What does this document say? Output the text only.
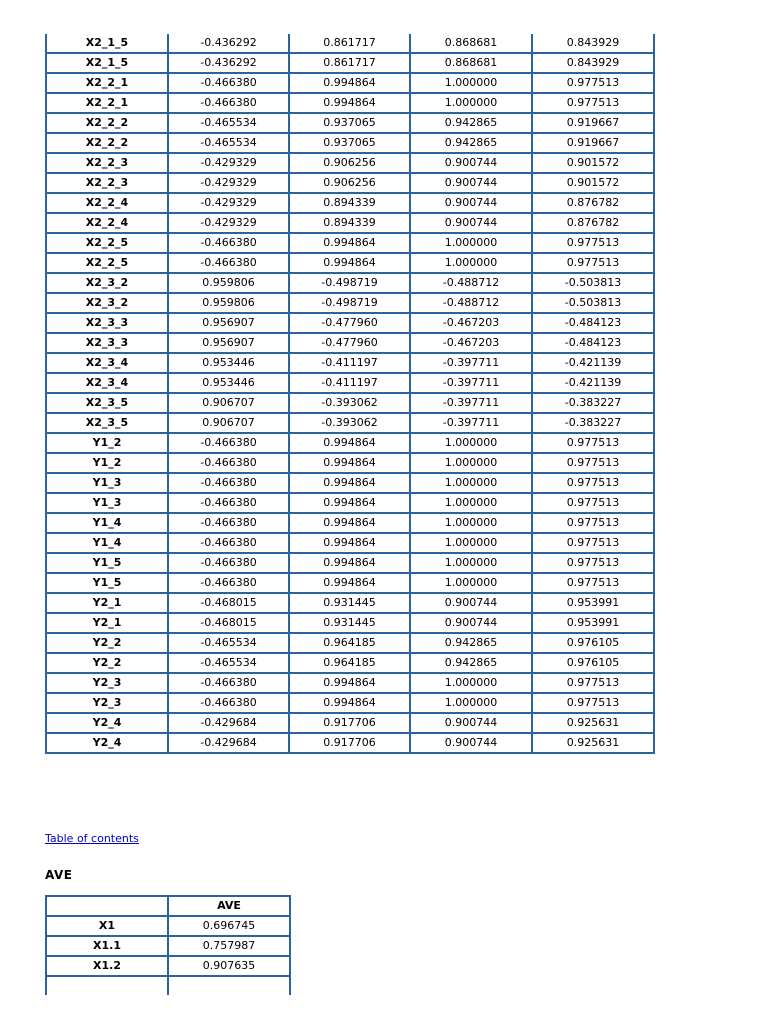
X2_1_5	-0.436292	0.861717	0.868681	0.843929
X2_1_5	-0.436292	0.861717	0.868681	0.843929
X2_2_1	-0.466380	0.994864	1.000000	0.977513
X2_2_1	-0.466380	0.994864	1.000000	0.977513
X2_2_2	-0.465534	0.937065	0.942865	0.919667
X2_2_2	-0.465534	0.937065	0.942865	0.919667
X2_2_3	-0.429329	0.906256	0.900744	0.901572
X2_2_3	-0.429329	0.906256	0.900744	0.901572
X2_2_4	-0.429329	0.894339	0.900744	0.876782
X2_2_4	-0.429329	0.894339	0.900744	0.876782
X2_2_5	-0.466380	0.994864	1.000000	0.977513
X2_2_5	-0.466380	0.994864	1.000000	0.977513
X2_3_2	0.959806	-0.498719	-0.488712	-0.503813
X2_3_2	0.959806	-0.498719	-0.488712	-0.503813
X2_3_3	0.956907	-0.477960	-0.467203	-0.484123
X2_3_3	0.956907	-0.477960	-0.467203	-0.484123
X2_3_4	0.953446	-0.411197	-0.397711	-0.421139
X2_3_4	0.953446	-0.411197	-0.397711	-0.421139
X2_3_5	0.906707	-0.393062	-0.397711	-0.383227
X2_3_5	0.906707	-0.393062	-0.397711	-0.383227
Y1_2	-0.466380	0.994864	1.000000	0.977513
Y1_2	-0.466380	0.994864	1.000000	0.977513
Y1_3	-0.466380	0.994864	1.000000	0.977513
Y1_3	-0.466380	0.994864	1.000000	0.977513
Y1_4	-0.466380	0.994864	1.000000	0.977513
Y1_4	-0.466380	0.994864	1.000000	0.977513
Y1_5	-0.466380	0.994864	1.000000	0.977513
Y1_5	-0.466380	0.994864	1.000000	0.977513
Y2_1	-0.468015	0.931445	0.900744	0.953991
Y2_1	-0.468015	0.931445	0.900744	0.953991
Y2_2	-0.465534	0.964185	0.942865	0.976105
Y2_2	-0.465534	0.964185	0.942865	0.976105
Y2_3	-0.466380	0.994864	1.000000	0.977513
Y2_3	-0.466380	0.994864	1.000000	0.977513
Y2_4	-0.429684	0.917706	0.900744	0.925631
Y2_4	-0.429684	0.917706	0.900744	0.925631
Table of contents
AVE
	AVE
X1	0.696745
X1.1	0.757987
X1.2	0.907635
